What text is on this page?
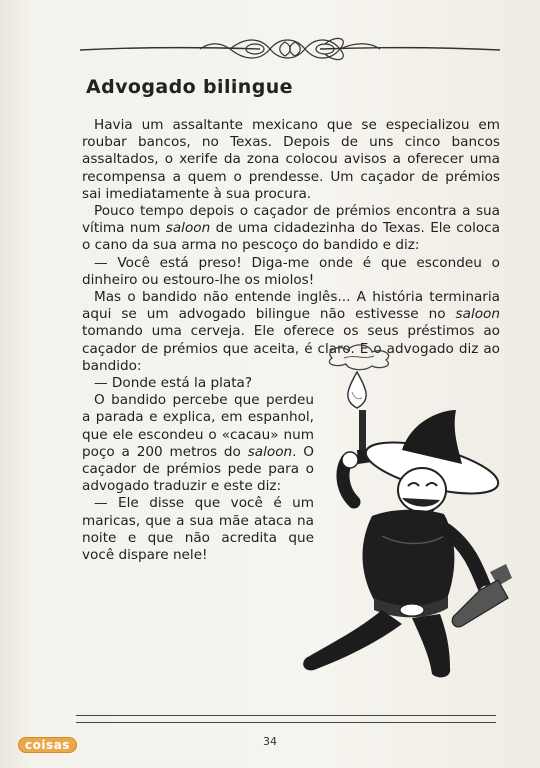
Advogado bilingue

Havia um assaltante mexicano que se especializou em roubar bancos, no Texas. Depois de uns cinco bancos assaltados, o xerife da zona colocou avisos a oferecer uma recompensa a quem o prendesse. Um caçador de prémios sai imediatamente à sua procura.

Pouco tempo depois o caçador de prémios encontra a sua vítima num saloon de uma cidadezinha do Texas. Ele coloca o cano da sua arma no pescoço do bandido e diz:

— Você está preso! Diga-me onde é que escondeu o dinheiro ou estouro-lhe os miolos!

Mas o bandido não entende inglês... A história terminaria aqui se um advogado bilingue não estivesse no saloon tomando uma cerveja. Ele oferece os seus préstimos ao caçador de prémios que aceita, é claro. E o advogado diz ao bandido:

— Donde está la plata?

O bandido percebe que perdeu a parada e explica, em espanhol, que ele escondeu o «cacau» num poço a 200 metros do saloon. O caçador de prémios pede para o advogado traduzir e este diz:

— Ele disse que você é um maricas, que a sua mãe ataca na noite e que não acredita que você dispare nele!

34
coisas
